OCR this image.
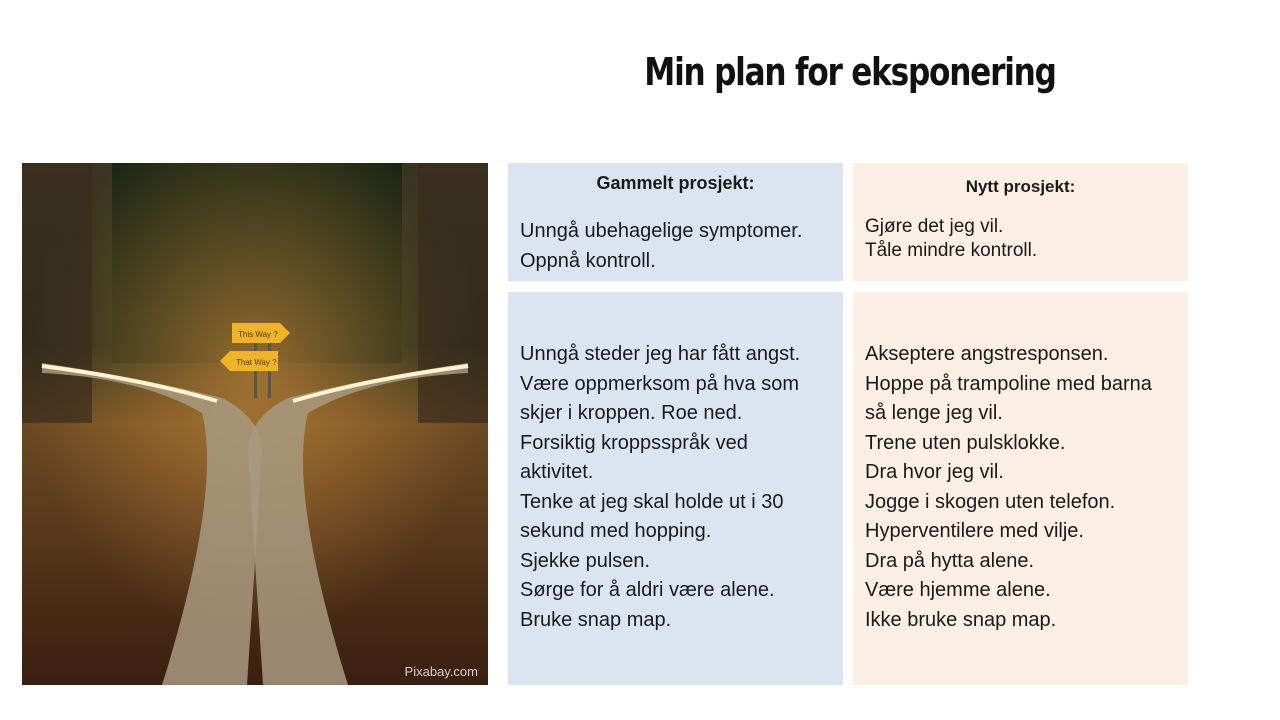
Min plan for eksponering
This Way ?
That Way ?
Pixabay.com
Gammelt prosjekt:
Unngå ubehagelige symptomer.
Oppnå kontroll.
Nytt prosjekt:
Gjøre det jeg vil.
Tåle mindre kontroll.
Unngå steder jeg har fått angst.
Være oppmerksom på hva som
skjer i kroppen. Roe ned.
Forsiktig kroppsspråk ved
aktivitet.
Tenke at jeg skal holde ut i 30
sekund med hopping.
Sjekke pulsen.
Sørge for å aldri være alene.
Bruke snap map.
Akseptere angstresponsen.
Hoppe på trampoline med barna
så lenge jeg vil.
Trene uten pulsklokke.
Dra hvor jeg vil.
Jogge i skogen uten telefon.
Hyperventilere med vilje.
Dra på hytta alene.
Være hjemme alene.
Ikke bruke snap map.
